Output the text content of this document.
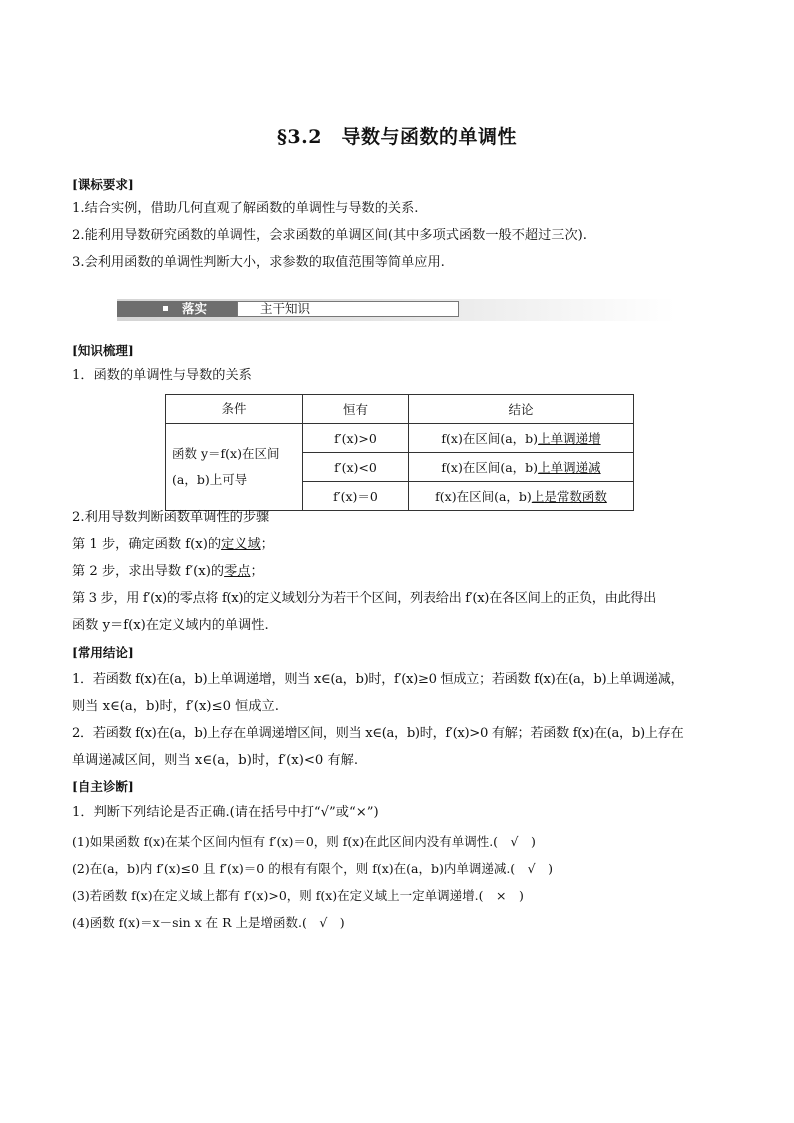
§3.2　导数与函数的单调性
[课标要求]
1.结合实例，借助几何直观了解函数的单调性与导数的关系.
2.能利用导数研究函数的单调性，会求函数的单调区间(其中多项式函数一般不超过三次).
3.会利用函数的单调性判断大小，求参数的取值范围等简单应用.
落实	主干知识
[知识梳理]
1．函数的单调性与导数的关系
条件	恒有	结论

函数 y＝f(x)在区间
(a，b)上可导	f′(x)>0	f(x)在区间(a，b)上单调递增
	f′(x)<0	f(x)在区间(a，b)上单调递减
	f′(x)＝0	f(x)在区间(a，b)上是常数函数
2.利用导数判断函数单调性的步骤
第 1 步，确定函数 f(x)的定义域；
第 2 步，求出导数 f′(x)的零点；
第 3 步，用 f′(x)的零点将 f(x)的定义域划分为若干个区间，列表给出 f′(x)在各区间上的正负，由此得出
函数 y＝f(x)在定义域内的单调性.
[常用结论]
1．若函数 f(x)在(a，b)上单调递增，则当 x∈(a，b)时，f′(x)≥0 恒成立；若函数 f(x)在(a，b)上单调递减，
则当 x∈(a，b)时，f′(x)≤0 恒成立.
2．若函数 f(x)在(a，b)上存在单调递增区间，则当 x∈(a，b)时，f′(x)>0 有解；若函数 f(x)在(a，b)上存在
单调递减区间，则当 x∈(a，b)时，f′(x)<0 有解.
[自主诊断]
1．判断下列结论是否正确.(请在括号中打“√”或“×”)
(1)如果函数 f(x)在某个区间内恒有 f′(x)＝0，则 f(x)在此区间内没有单调性.(　√　)
(2)在(a，b)内 f′(x)≤0 且 f′(x)＝0 的根有有限个，则 f(x)在(a，b)内单调递减.(　√　)
(3)若函数 f(x)在定义域上都有 f′(x)>0，则 f(x)在定义域上一定单调递增.(　×　)
(4)函数 f(x)＝x－sin x 在 R 上是增函数.(　√　)
